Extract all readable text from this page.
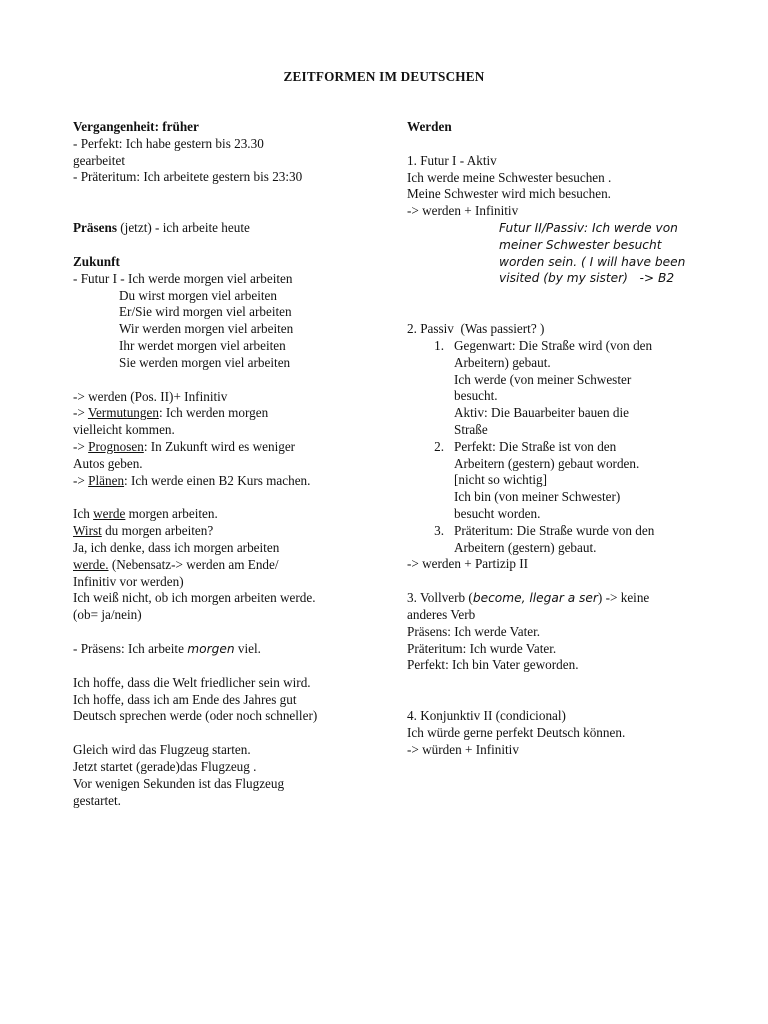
ZEITFORMEN IM DEUTSCHEN

Vergangenheit: früher

- Perfekt: Ich habe gestern bis 23.30

gearbeitet

- Präteritum: Ich arbeitete gestern bis 23:30

Präsens (jetzt) - ich arbeite heute

Zukunft

- Futur I - Ich werde morgen viel arbeiten

Du wirst morgen viel arbeiten

Er/Sie wird morgen viel arbeiten

Wir werden morgen viel arbeiten

Ihr werdet morgen viel arbeiten

Sie werden morgen viel arbeiten

-> werden (Pos. II)+ Infinitiv

-> Vermutungen: Ich werden morgen

vielleicht kommen.

-> Prognosen: In Zukunft wird es weniger

Autos geben.

-> Plänen: Ich werde einen B2 Kurs machen.

Ich werde morgen arbeiten.

Wirst du morgen arbeiten?

Ja, ich denke, dass ich morgen arbeiten

werde. (Nebensatz-> werden am Ende/

Infinitiv vor werden)

Ich weiß nicht, ob ich morgen arbeiten werde.

(ob= ja/nein)

- Präsens: Ich arbeite morgen viel.

Ich hoffe, dass die Welt friedlicher sein wird.

Ich hoffe, dass ich am Ende des Jahres gut

Deutsch sprechen werde (oder noch schneller)

Gleich wird das Flugzeug starten.

Jetzt startet (gerade)das Flugzeug .

Vor wenigen Sekunden ist das Flugzeug

gestartet.

Werden

1. Futur I - Aktiv

Ich werde meine Schwester besuchen .

Meine Schwester wird mich besuchen.

-> werden + Infinitiv

Futur II/Passiv: Ich werde von

meiner Schwester besucht

worden sein. ( I will have been

visited (by my sister)   -> B2

2. Passiv  (Was passiert? )

1. Gegenwart: Die Straße wird (von den

Arbeitern) gebaut.

Ich werde (von meiner Schwester

besucht.

Aktiv: Die Bauarbeiter bauen die

Straße

2. Perfekt: Die Straße ist von den

Arbeitern (gestern) gebaut worden.

[nicht so wichtig]

Ich bin (von meiner Schwester)

besucht worden.

3. Präteritum: Die Straße wurde von den

Arbeitern (gestern) gebaut.

-> werden + Partizip II

3. Vollverb (become, llegar a ser) -> keine

anderes Verb

Präsens: Ich werde Vater.

Präteritum: Ich wurde Vater.

Perfekt: Ich bin Vater geworden.

4. Konjunktiv II (condicional)

Ich würde gerne perfekt Deutsch können.

-> würden + Infinitiv
